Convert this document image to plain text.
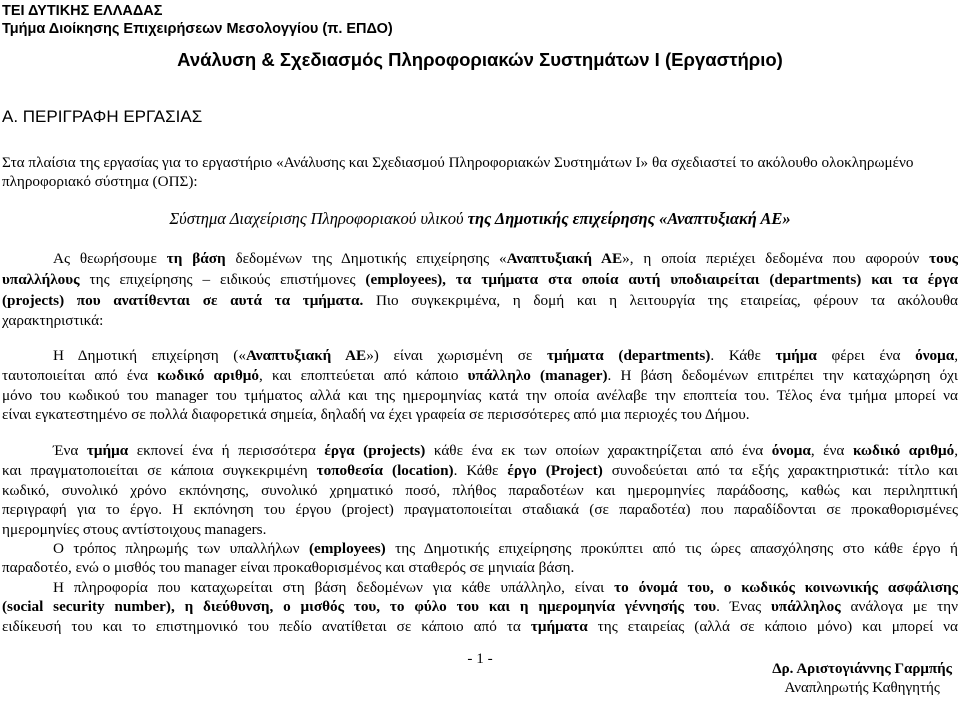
ΤΕΙ ΔΥΤΙΚΗΣ ΕΛΛΑΔΑΣ
Τμήμα Διοίκησης Επιχειρήσεων Μεσολογγίου (π. ΕΠΔΟ)
Ανάλυση & Σχεδιασμός Πληροφοριακών Συστημάτων Ι (Εργαστήριο)
Α. ΠΕΡΙΓΡΑΦΗ ΕΡΓΑΣΙΑΣ
Στα πλαίσια της εργασίας για το εργαστήριο «Ανάλυσης και Σχεδιασμού Πληροφοριακών Συστημάτων Ι» θα σχεδιαστεί το ακόλουθο ολοκληρωμένο
πληροφοριακό σύστημα (ΟΠΣ):
Σύστημα Διαχείρισης Πληροφοριακού υλικού της Δημοτικής επιχείρησης «Αναπτυξιακή ΑΕ»
Ας θεωρήσουμε τη βάση δεδομένων της Δημοτικής επιχείρησης «Αναπτυξιακή ΑΕ», η οποία περιέχει δεδομένα που αφορούν τους
υπαλλήλους της επιχείρησης – ειδικούς επιστήμονες (employees), τα τμήματα στα οποία αυτή υποδιαιρείται (departments) και τα έργα
(projects) που ανατίθενται σε αυτά τα τμήματα. Πιο συγκεκριμένα, η δομή και η λειτουργία της εταιρείας, φέρουν τα ακόλουθα
χαρακτηριστικά:
Η Δημοτική επιχείρηση («Αναπτυξιακή ΑΕ») είναι χωρισμένη σε τμήματα (departments). Κάθε τμήμα φέρει ένα όνομα,
ταυτοποιείται από ένα κωδικό αριθμό, και εποπτεύεται από κάποιο υπάλληλο (manager). Η βάση δεδομένων επιτρέπει την καταχώρηση όχι
μόνο του κωδικού του manager του τμήματος αλλά και της ημερομηνίας κατά την οποία ανέλαβε την εποπτεία του. Τέλος ένα τμήμα μπορεί να
είναι εγκατεστημένο σε πολλά διαφορετικά σημεία, δηλαδή να έχει γραφεία σε περισσότερες από μια περιοχές του Δήμου.
Ένα τμήμα εκπονεί ένα ή περισσότερα έργα (projects) κάθε ένα εκ των οποίων χαρακτηρίζεται από ένα όνομα, ένα κωδικό αριθμό,
και πραγματοποιείται σε κάποια συγκεκριμένη τοποθεσία (location). Κάθε έργο (Project) συνοδεύεται από τα εξής χαρακτηριστικά: τίτλο και
κωδικό, συνολικό χρόνο εκπόνησης, συνολικό χρηματικό ποσό, πλήθος παραδοτέων και ημερομηνίες παράδοσης, καθώς και περιληπτική
περιγραφή για το έργο. Η εκπόνηση του έργου (project) πραγματοποιείται σταδιακά (σε παραδοτέα) που παραδίδονται σε προκαθορισμένες
ημερομηνίες στους αντίστοιχους managers.
Ο τρόπος πληρωμής των υπαλλήλων (employees) της Δημοτικής επιχείρησης προκύπτει από τις ώρες απασχόλησης στο κάθε έργο ή
παραδοτέο, ενώ ο μισθός του manager είναι προκαθορισμένος και σταθερός σε μηνιαία βάση.
Η πληροφορία που καταχωρείται στη βάση δεδομένων για κάθε υπάλληλο, είναι το όνομά του, ο κωδικός κοινωνικής ασφάλισης
(social security number), η διεύθυνση, ο μισθός του, το φύλο του και η ημερομηνία γέννησής του. Ένας υπάλληλος ανάλογα με την
ειδίκευσή του και το επιστημονικό του πεδίο ανατίθεται σε κάποιο από τα τμήματα της εταιρείας (αλλά σε κάποιο μόνο) και μπορεί να
- 1 -
Δρ. Αριστογιάννης Γαρμπής
Αναπληρωτής Καθηγητής
